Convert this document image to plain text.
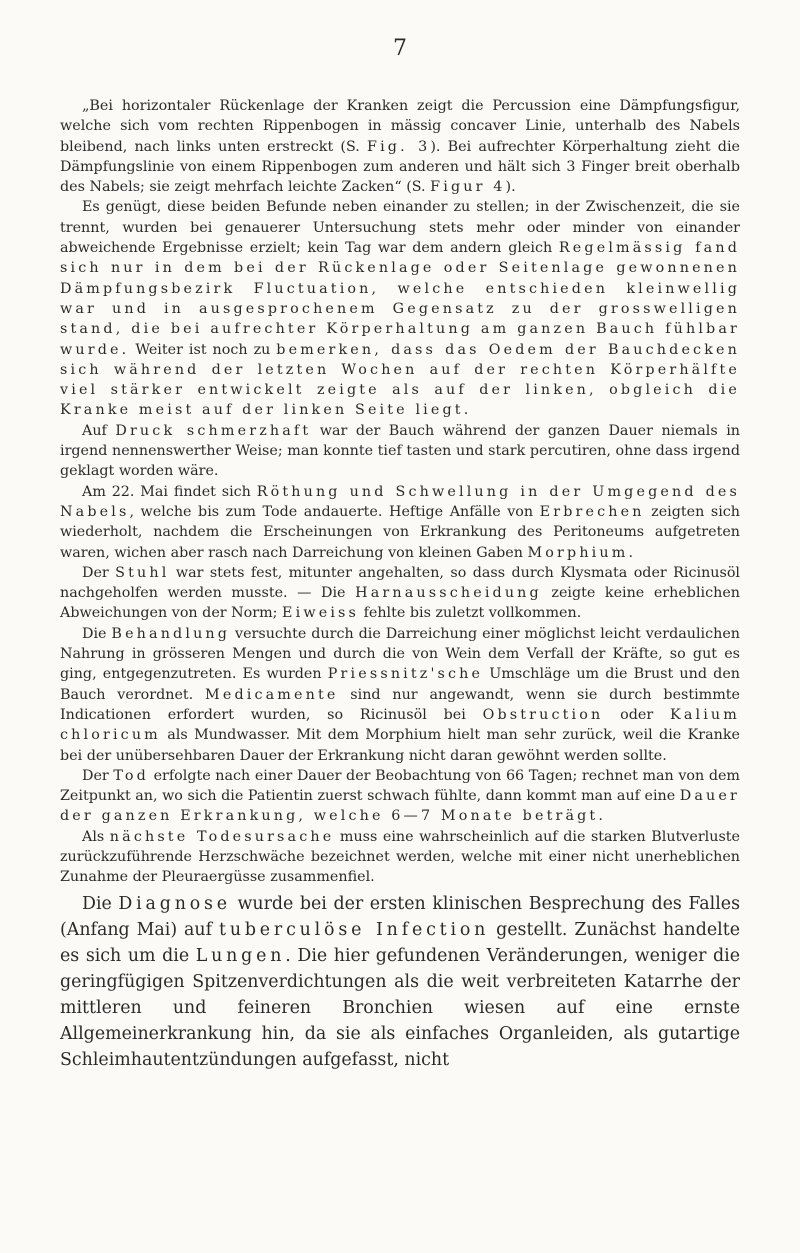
7

„Bei horizontaler Rückenlage der Kranken zeigt die Percussion eine Dämpfungsfigur, welche sich vom rechten Rippenbogen in mässig concaver Linie, unterhalb des Nabels bleibend, nach links unten erstreckt (S. Fig. 3). Bei aufrechter Körperhaltung zieht die Dämpfungslinie von einem Rippenbogen zum anderen und hält sich 3 Finger breit oberhalb des Nabels; sie zeigt mehrfach leichte Zacken“ (S. Figur 4).

Es genügt, diese beiden Befunde neben einander zu stellen; in der Zwischenzeit, die sie trennt, wurden bei genauerer Untersuchung stets mehr oder minder von einander abweichende Ergebnisse erzielt; kein Tag war dem andern gleich Regelmässig fand sich nur in dem bei der Rückenlage oder Seitenlage gewonnenen Dämpfungsbezirk Fluctuation, welche entschieden kleinwellig war und in ausgesprochenem Gegensatz zu der grosswelligen stand, die bei aufrechter Körperhaltung am ganzen Bauch fühlbar wurde. Weiter ist noch zu bemerken, dass das Oedem der Bauchdecken sich während der letzten Wochen auf der rechten Körperhälfte viel stärker entwickelt zeigte als auf der linken, obgleich die Kranke meist auf der linken Seite liegt.

Auf Druck schmerzhaft war der Bauch während der ganzen Dauer niemals in irgend nennenswerther Weise; man konnte tief tasten und stark percutiren, ohne dass irgend geklagt worden wäre.

Am 22. Mai findet sich Röthung und Schwellung in der Umgegend des Nabels, welche bis zum Tode andauerte. Heftige Anfälle von Erbrechen zeigten sich wiederholt, nachdem die Erscheinungen von Erkrankung des Peritoneums aufgetreten waren, wichen aber rasch nach Darreichung von kleinen Gaben Morphium.

Der Stuhl war stets fest, mitunter angehalten, so dass durch Klysmata oder Ricinusöl nachgeholfen werden musste. — Die Harnausscheidung zeigte keine erheblichen Abweichungen von der Norm; Eiweiss fehlte bis zuletzt vollkommen.

Die Behandlung versuchte durch die Darreichung einer möglichst leicht verdaulichen Nahrung in grösseren Mengen und durch die von Wein dem Verfall der Kräfte, so gut es ging, entgegenzutreten. Es wurden Priessnitz'sche Umschläge um die Brust und den Bauch verordnet. Medicamente sind nur angewandt, wenn sie durch bestimmte Indicationen erfordert wurden, so Ricinusöl bei Obstruction oder Kalium chloricum als Mundwasser. Mit dem Morphium hielt man sehr zurück, weil die Kranke bei der unübersehbaren Dauer der Erkrankung nicht daran gewöhnt werden sollte.

Der Tod erfolgte nach einer Dauer der Beobachtung von 66 Tagen; rechnet man von dem Zeitpunkt an, wo sich die Patientin zuerst schwach fühlte, dann kommt man auf eine Dauer der ganzen Erkrankung, welche 6—7 Monate beträgt.

Als nächste Todesursache muss eine wahrscheinlich auf die starken Blutverluste zurückzuführende Herzschwäche bezeichnet werden, welche mit einer nicht unerheblichen Zunahme der Pleuraergüsse zusammenfiel.

Die Diagnose wurde bei der ersten klinischen Besprechung des Falles (Anfang Mai) auf tuberculöse Infection gestellt. Zunächst handelte es sich um die Lungen. Die hier gefundenen Veränderungen, weniger die geringfügigen Spitzenverdichtungen als die weit verbreiteten Katarrhe der mittleren und feineren Bronchien wiesen auf eine ernste Allgemeinerkrankung hin, da sie als einfaches Organleiden, als gutartige Schleimhautentzündungen aufgefasst, nicht
